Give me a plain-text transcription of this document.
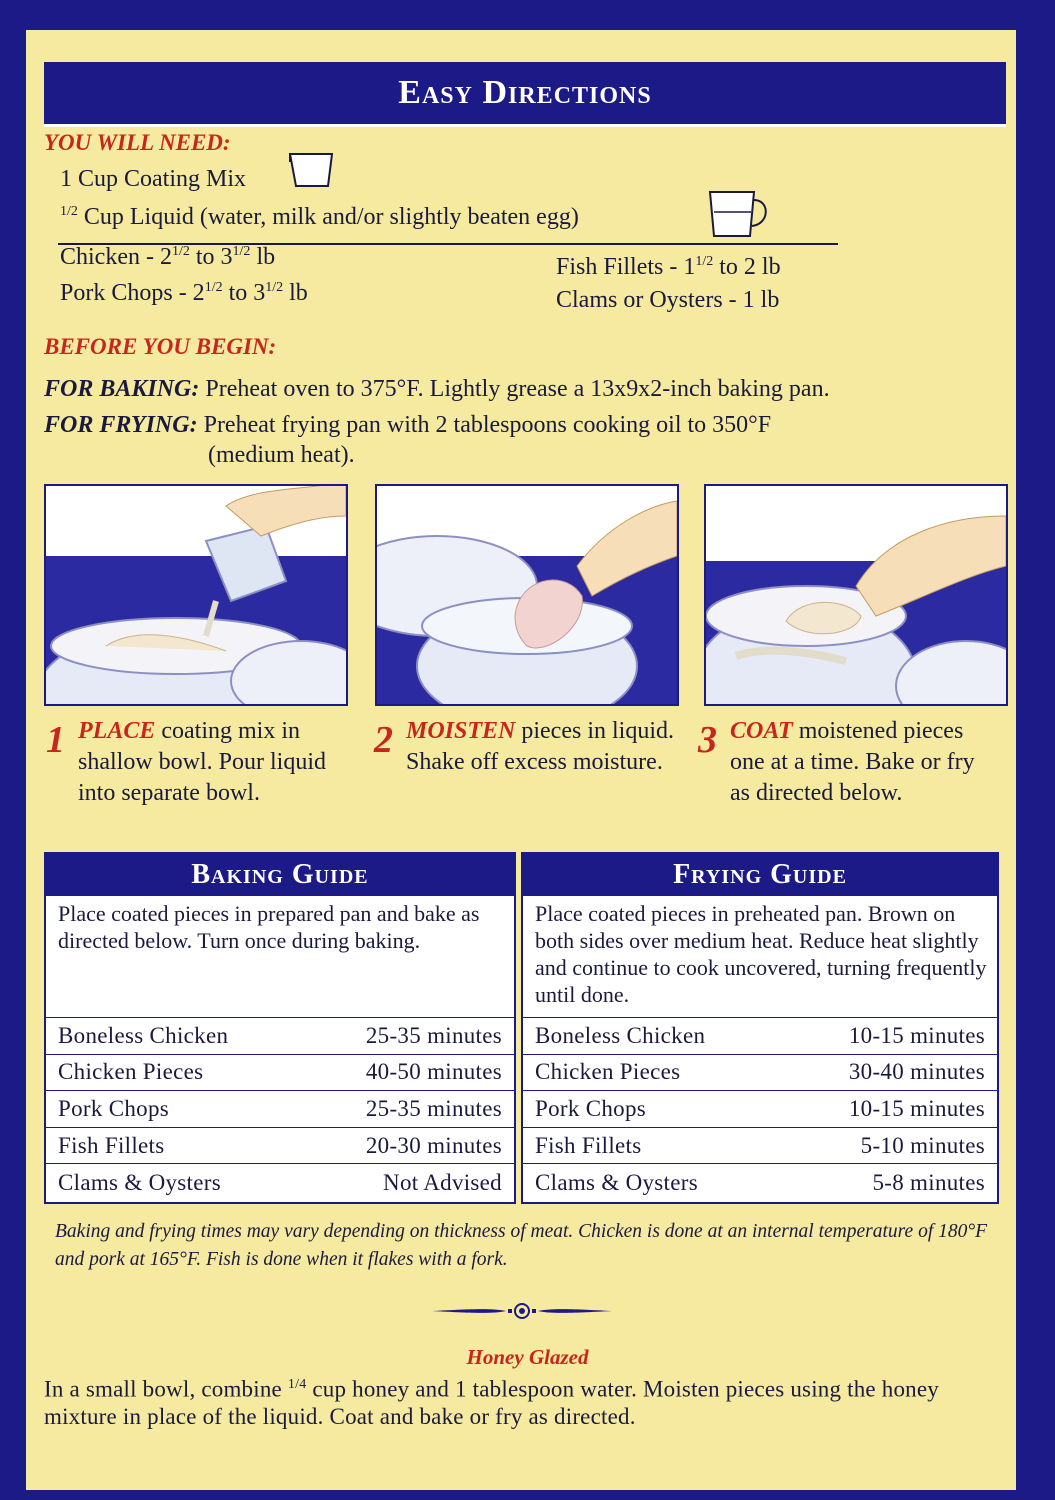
Easy Directions
YOU WILL NEED:
1 Cup Coating Mix
$^{1/2}$ Cup Liquid (water, milk and/or slightly beaten egg)
Chicken - $2^{1/2}$ to $3^{1/2}$ lb
Pork Chops - $2^{1/2}$ to $3^{1/2}$ lb
Fish Fillets - $1^{1/2}$ to 2 lb
Clams or Oysters - 1 lb
BEFORE YOU BEGIN:
FOR BAKING: Preheat oven to 375°F. Lightly grease a 13x9x2-inch baking pan.
FOR FRYING: Preheat frying pan with 2 tablespoons cooking oil to 350°F
(medium heat).
1 PLACE coating mix in shallow bowl. Pour liquid into separate bowl.
2 MOISTEN pieces in liquid. Shake off excess moisture.
3 COAT moistened pieces one at a time. Bake or fry as directed below.
Baking Guide
Place coated pieces in prepared pan and bake as directed below. Turn once during baking.
Boneless Chicken	25-35 minutes
Chicken Pieces	40-50 minutes
Pork Chops	25-35 minutes
Fish Fillets	20-30 minutes
Clams & Oysters	Not Advised
Frying Guide
Place coated pieces in preheated pan. Brown on both sides over medium heat. Reduce heat slightly and continue to cook uncovered, turning frequently until done.
Boneless Chicken	10-15 minutes
Chicken Pieces	30-40 minutes
Pork Chops	10-15 minutes
Fish Fillets	5-10 minutes
Clams & Oysters	5-8 minutes
Baking and frying times may vary depending on thickness of meat. Chicken is done at an internal temperature of 180°F and pork at 165°F. Fish is done when it flakes with a fork.
Honey Glazed
In a small bowl, combine $^{1/4}$ cup honey and 1 tablespoon water. Moisten pieces using the honey mixture in place of the liquid. Coat and bake or fry as directed.
